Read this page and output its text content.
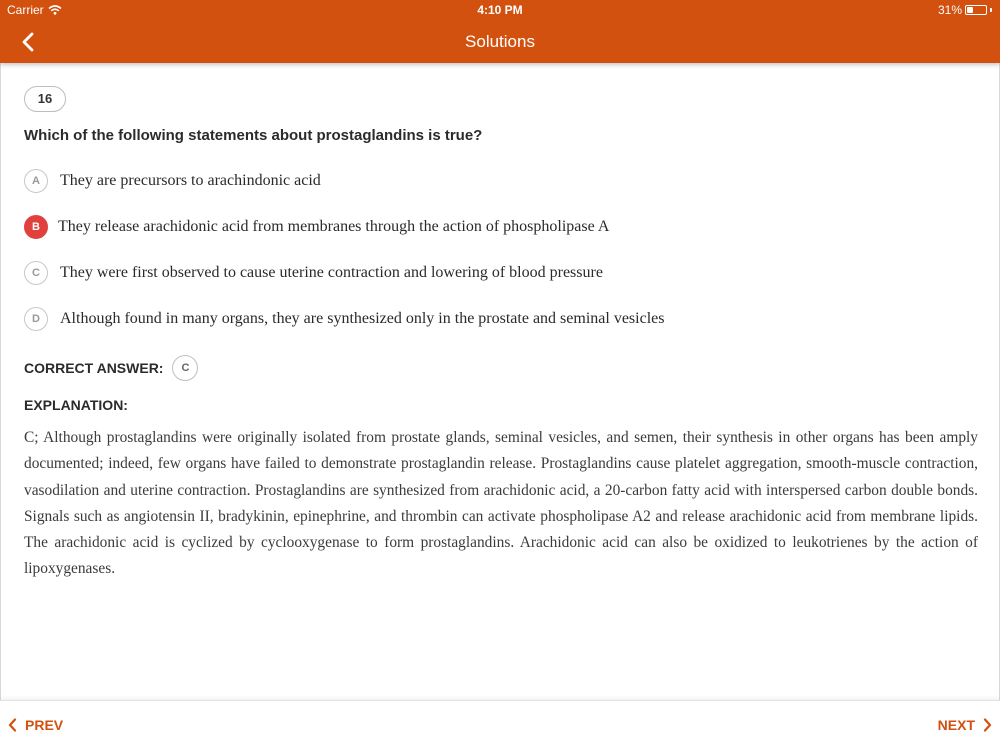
Carrier	4:10 PM	31%
Solutions
16
Which of the following statements about prostaglandins is true?
A	They are precursors to arachindonic acid
B	They release arachidonic acid from membranes through the action of phospholipase A
C	They were first observed to cause uterine contraction and lowering of blood pressure
D	Although found in many organs, they are synthesized only in the prostate and seminal vesicles
CORRECT ANSWER:	C
EXPLANATION:
C; Although prostaglandins were originally isolated from prostate glands, seminal vesicles, and semen, their synthesis in other organs has been amply documented; indeed, few organs have failed to demonstrate prostaglandin release. Prostaglandins cause platelet aggregation, smooth-muscle contraction, vasodilation and uterine contraction. Prostaglandins are synthesized from arachidonic acid, a 20-carbon fatty acid with interspersed carbon double bonds. Signals such as angiotensin II, bradykinin, epinephrine, and thrombin can activate phospholipase A2 and release arachidonic acid from membrane lipids. The arachidonic acid is cyclized by cyclooxygenase to form prostaglandins. Arachidonic acid can also be oxidized to leukotrienes by the action of lipoxygenases.
PREV	NEXT
